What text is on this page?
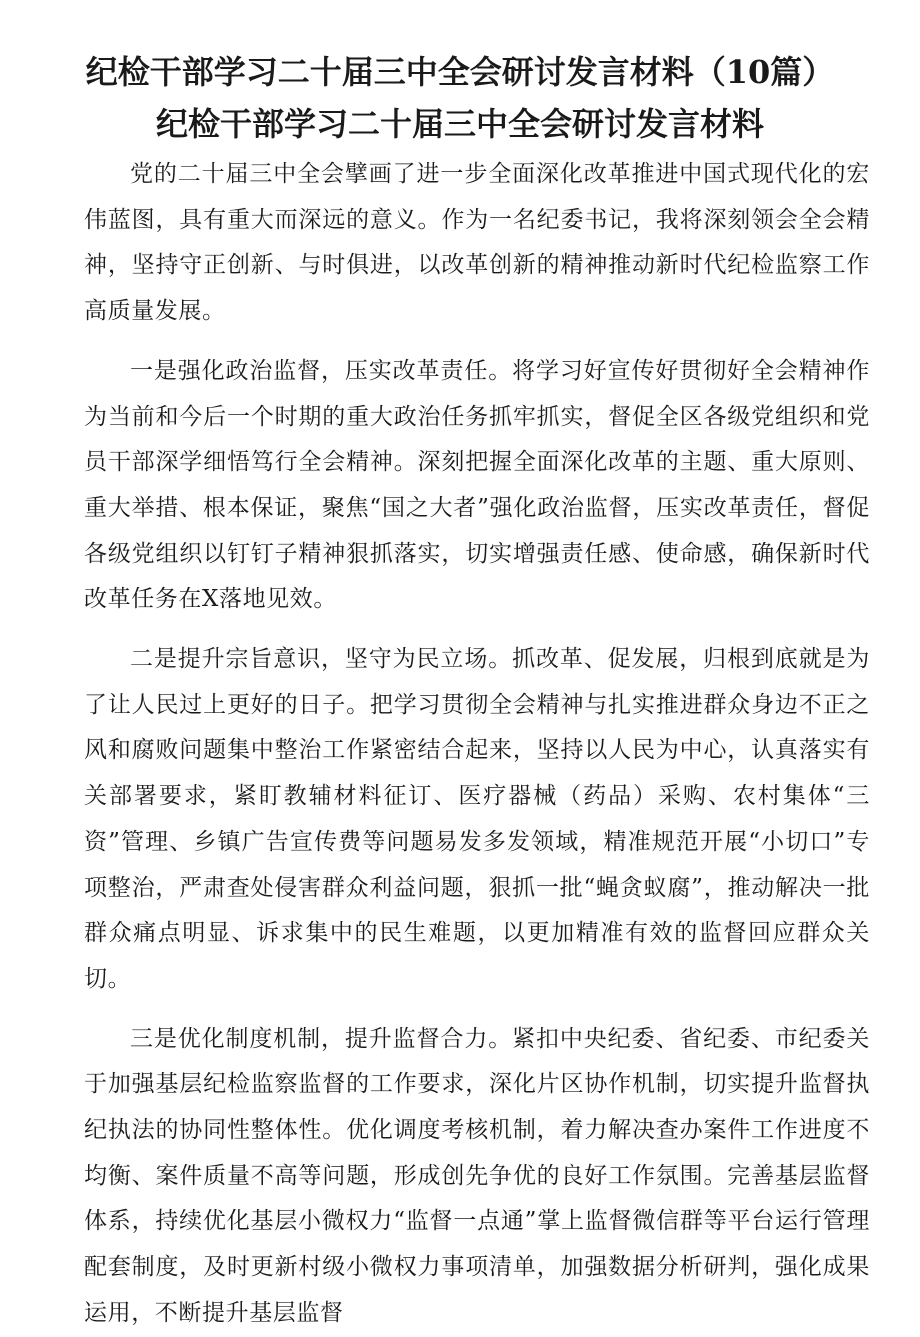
纪检干部学习二十届三中全会研讨发言材料（10篇）
纪检干部学习二十届三中全会研讨发言材料

党的二十届三中全会擘画了进一步全面深化改革推进中国式现代化的宏伟蓝图，具有重大而深远的意义。作为一名纪委书记，我将深刻领会全会精神，坚持守正创新、与时俱进，以改革创新的精神推动新时代纪检监察工作高质量发展。

一是强化政治监督，压实改革责任。将学习好宣传好贯彻好全会精神作为当前和今后一个时期的重大政治任务抓牢抓实，督促全区各级党组织和党员干部深学细悟笃行全会精神。深刻把握全面深化改革的主题、重大原则、重大举措、根本保证，聚焦“国之大者”强化政治监督，压实改革责任，督促各级党组织以钉钉子精神狠抓落实，切实增强责任感、使命感，确保新时代改革任务在X落地见效。

二是提升宗旨意识，坚守为民立场。抓改革、促发展，归根到底就是为了让人民过上更好的日子。把学习贯彻全会精神与扎实推进群众身边不正之风和腐败问题集中整治工作紧密结合起来，坚持以人民为中心，认真落实有关部署要求，紧盯教辅材料征订、医疗器械（药品）采购、农村集体“三资”管理、乡镇广告宣传费等问题易发多发领域，精准规范开展“小切口”专项整治，严肃查处侵害群众利益问题，狠抓一批“蝇贪蚁腐”，推动解决一批群众痛点明显、诉求集中的民生难题，以更加精准有效的监督回应群众关切。

三是优化制度机制，提升监督合力。紧扣中央纪委、省纪委、市纪委关于加强基层纪检监察监督的工作要求，深化片区协作机制，切实提升监督执纪执法的协同性整体性。优化调度考核机制，着力解决查办案件工作进度不均衡、案件质量不高等问题，形成创先争优的良好工作氛围。完善基层监督体系，持续优化基层小微权力“监督一点通”掌上监督微信群等平台运行管理配套制度，及时更新村级小微权力事项清单，加强数据分析研判，强化成果运用，不断提升基层监督
